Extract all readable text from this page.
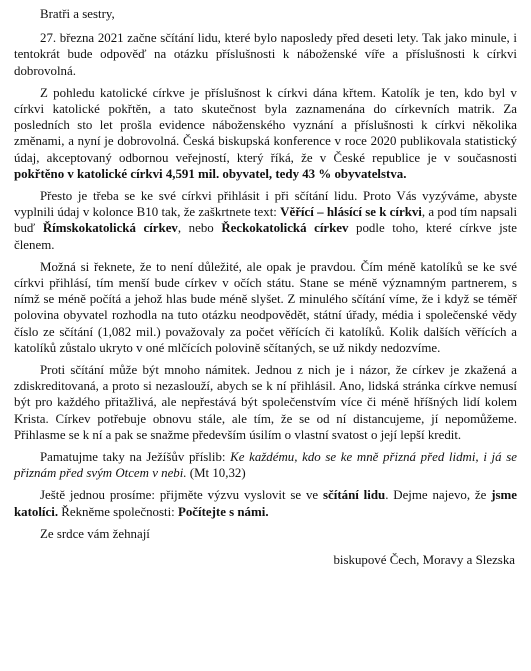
Bratři a sestry,

27. března 2021 začne sčítání lidu, které bylo naposledy před deseti lety. Tak jako minule, i tentokrát bude odpověď na otázku příslušnosti k náboženské víře a příslušnosti k církvi dobrovolná.

Z pohledu katolické církve je příslušnost k církvi dána křtem. Katolík je ten, kdo byl v církvi katolické pokřtěn, a tato skutečnost byla zaznamenána do církevních matrik. Za posledních sto let prošla evidence náboženského vyznání a příslušnosti k církvi několika změnami, a nyní je dobrovolná. Česká biskupská konference v roce 2020 publikovala statistický údaj, akceptovaný odbornou veřejností, který říká, že v České republice je v současnosti pokřtěno v katolické církvi 4,591 mil. obyvatel, tedy 43 % obyvatelstva.

Přesto je třeba se ke své církvi přihlásit i při sčítání lidu. Proto Vás vyzýváme, abyste vyplnili údaj v kolonce B10 tak, že zaškrtnete text: Věřící – hlásící se k církvi, a pod tím napsali buď Římskokatolická církev, nebo Řeckokatolická církev podle toho, které církve jste členem.

Možná si řeknete, že to není důležité, ale opak je pravdou. Čím méně katolíků se ke své církvi přihlásí, tím menší bude církev v očích státu. Stane se méně významným partnerem, s nímž se méně počítá a jehož hlas bude méně slyšet. Z minulého sčítání víme, že i když se téměř polovina obyvatel rozhodla na tuto otázku neodpovědět, státní úřady, média i společenské vědy číslo ze sčítání (1,082 mil.) považovaly za počet věřících či katolíků. Kolik dalších věřících a katolíků zůstalo ukryto v oné mlčících polovině sčítaných, se už nikdy nedozvíme.

Proti sčítání může být mnoho námitek. Jednou z nich je i názor, že církev je zkažená a zdiskreditovaná, a proto si nezaslouží, abych se k ní přihlásil. Ano, lidská stránka církve nemusí být pro každého přitažlivá, ale nepřestává být společenstvím více či méně hříšných lidí kolem Krista. Církev potřebuje obnovu stále, ale tím, že se od ní distancujeme, jí nepomůžeme. Přihlasme se k ní a pak se snažme především úsilím o vlastní svatost o její lepší kredit.

Pamatujme taky na Ježíšův příslib: Ke každému, kdo se ke mně přizná před lidmi, i já se přiznám před svým Otcem v nebi. (Mt 10,32)

Ještě jednou prosíme: přijměte výzvu vyslovit se ve sčítání lidu. Dejme najevo, že jsme katolíci. Řekněme společnosti: Počítejte s námi.

Ze srdce vám žehnají

biskupové Čech, Moravy a Slezska
